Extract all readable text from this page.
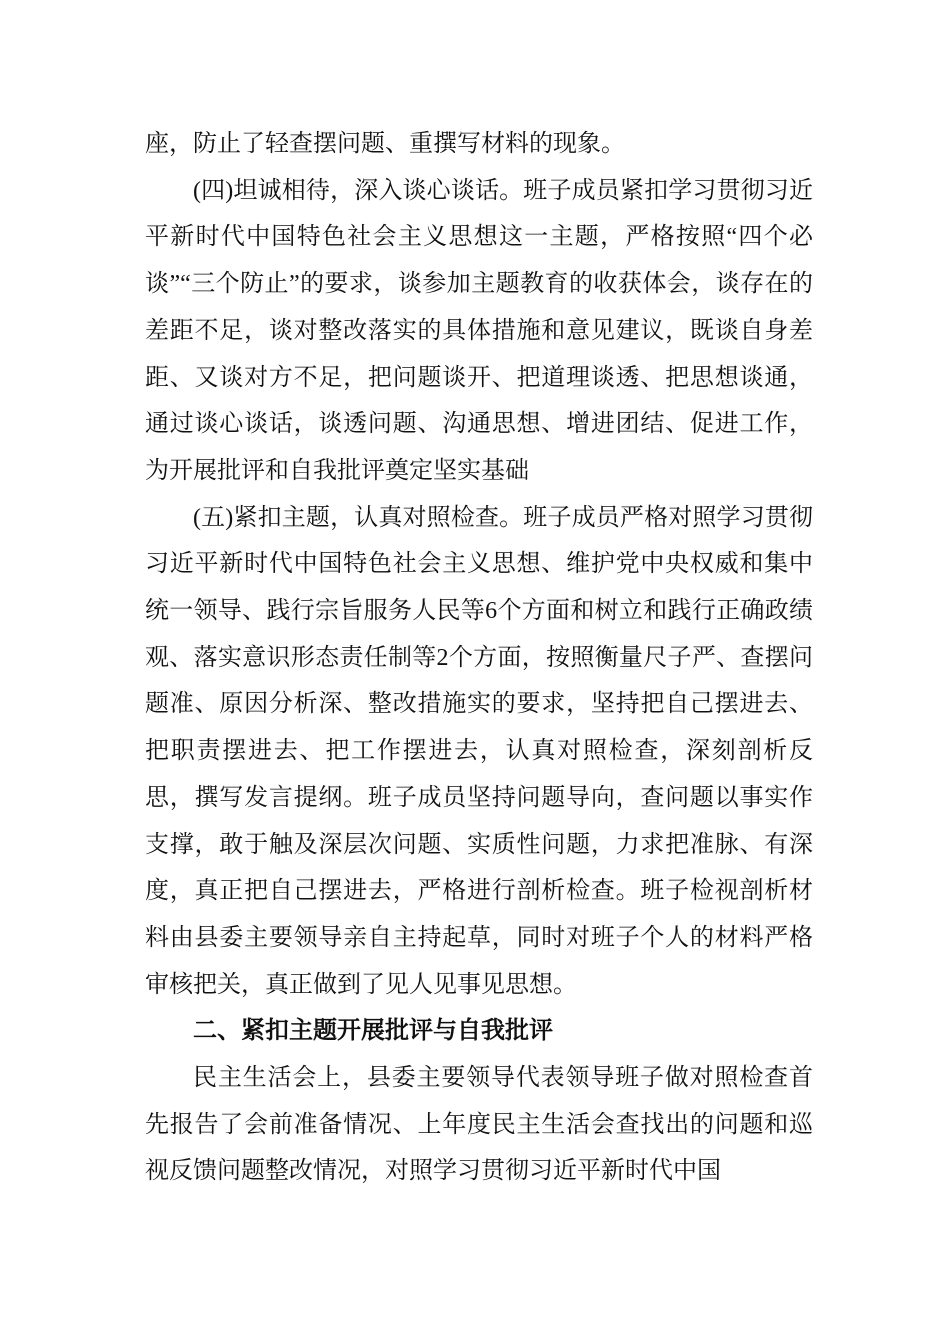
座，防止了轻查摆问题、重撰写材料的现象。

(四)坦诚相待，深入谈心谈话。班子成员紧扣学习贯彻习近平新时代中国特色社会主义思想这一主题，严格按照“四个必谈”“三个防止”的要求，谈参加主题教育的收获体会，谈存在的差距不足，谈对整改落实的具体措施和意见建议，既谈自身差距、又谈对方不足，把问题谈开、把道理谈透、把思想谈通，通过谈心谈话，谈透问题、沟通思想、增进团结、促进工作，为开展批评和自我批评奠定坚实基础

(五)紧扣主题，认真对照检查。班子成员严格对照学习贯彻习近平新时代中国特色社会主义思想、维护党中央权威和集中统一领导、践行宗旨服务人民等6个方面和树立和践行正确政绩观、落实意识形态责任制等2个方面，按照衡量尺子严、查摆问题准、原因分析深、整改措施实的要求，坚持把自己摆进去、把职责摆进去、把工作摆进去，认真对照检查，深刻剖析反思，撰写发言提纲。班子成员坚持问题导向，查问题以事实作支撑，敢于触及深层次问题、实质性问题，力求把准脉、有深度，真正把自己摆进去，严格进行剖析检查。班子检视剖析材料由县委主要领导亲自主持起草，同时对班子个人的材料严格审核把关，真正做到了见人见事见思想。

二、紧扣主题开展批评与自我批评

民主生活会上，县委主要领导代表领导班子做对照检查首先报告了会前准备情况、上年度民主生活会查找出的问题和巡视反馈问题整改情况，对照学习贯彻习近平新时代中国
